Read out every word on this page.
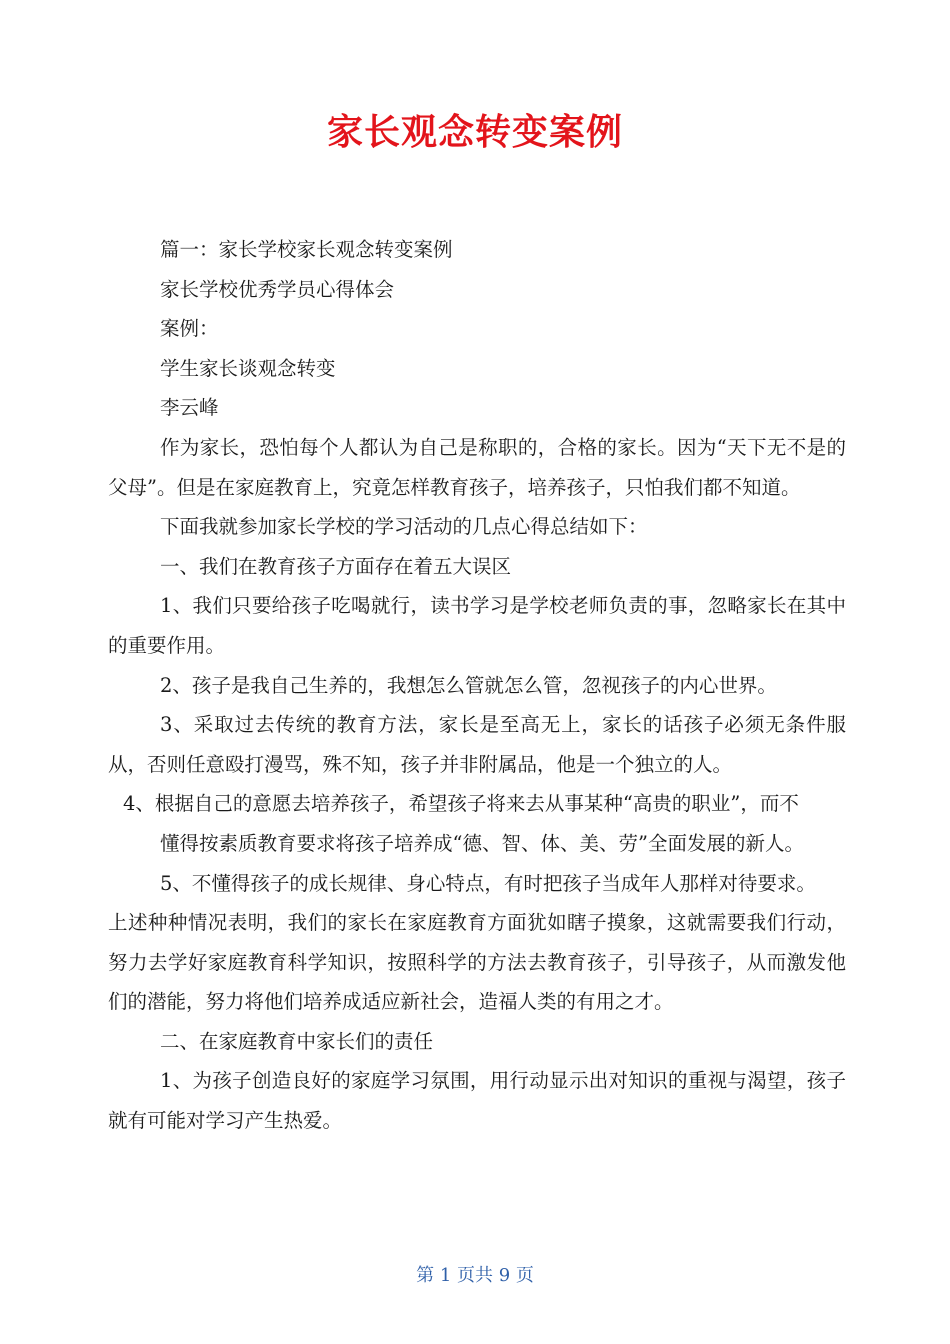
家长观念转变案例

篇一：家长学校家长观念转变案例

家长学校优秀学员心得体会

案例：

学生家长谈观念转变

李云峰

作为家长，恐怕每个人都认为自己是称职的，合格的家长。因为“天下无不是的父母”。但是在家庭教育上，究竟怎样教育孩子，培养孩子，只怕我们都不知道。

下面我就参加家长学校的学习活动的几点心得总结如下：

一、我们在教育孩子方面存在着五大误区

1、我们只要给孩子吃喝就行，读书学习是学校老师负责的事，忽略家长在其中的重要作用。

2、孩子是我自己生养的，我想怎么管就怎么管，忽视孩子的内心世界。

3、采取过去传统的教育方法，家长是至高无上，家长的话孩子必须无条件服从，否则任意殴打漫骂，殊不知，孩子并非附属品，他是一个独立的人。

4、根据自己的意愿去培养孩子，希望孩子将来去从事某种“高贵的职业”，而不

懂得按素质教育要求将孩子培养成“德、智、体、美、劳”全面发展的新人。

5、不懂得孩子的成长规律、身心特点，有时把孩子当成年人那样对待要求。

上述种种情况表明，我们的家长在家庭教育方面犹如瞎子摸象，这就需要我们行动，努力去学好家庭教育科学知识，按照科学的方法去教育孩子，引导孩子，从而激发他们的潜能，努力将他们培养成适应新社会，造福人类的有用之才。

二、在家庭教育中家长们的责任

1、为孩子创造良好的家庭学习氛围，用行动显示出对知识的重视与渴望，孩子就有可能对学习产生热爱。

第 1 页共 9 页
